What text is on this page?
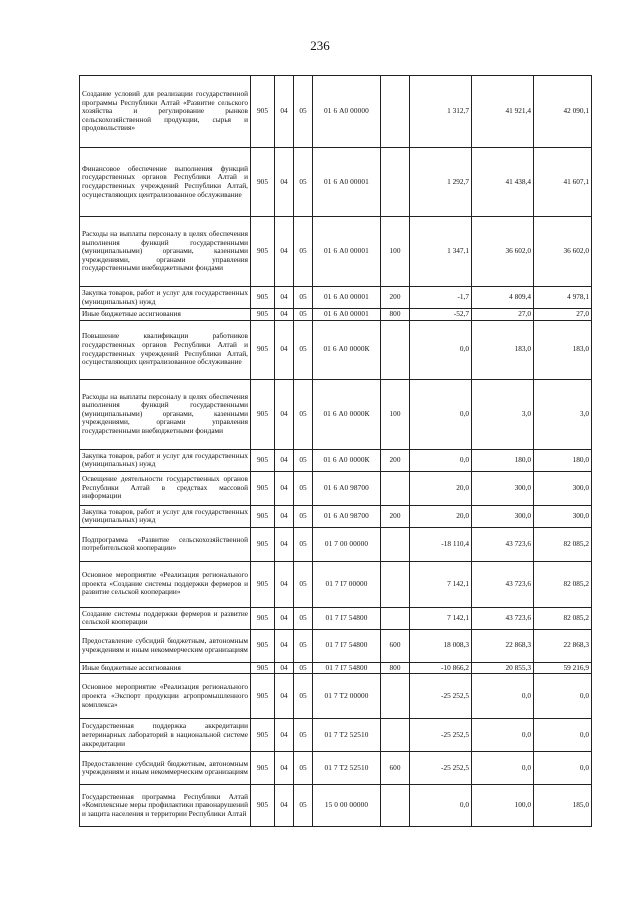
236
Создание условий для реализации государственной программы Республики Алтай «Развитие сельского хозяйства и регулирование рынков сельскохозяйственной продукции, сырья и продовольствия»	905	04	05	01 6 А0 00000		1 312,7	41 921,4	42 090,1
Финансовое обеспечение выполнения функций государственных органов Республики Алтай и государственных учреждений Республики Алтай, осуществляющих централизованное обслуживание	905	04	05	01 6 А0 00001		1 292,7	41 438,4	41 607,1
Расходы на выплаты персоналу в целях обеспечения выполнения функций государственными (муниципальными) органами, казенными учреждениями, органами управления государственными внебюджетными фондами	905	04	05	01 6 А0 00001	100	1 347,1	36 602,0	36 602,0
Закупка товаров, работ и услуг для государственных (муниципальных) нужд	905	04	05	01 6 А0 00001	200	-1,7	4 809,4	4 978,1
Иные бюджетные ассигнования	905	04	05	01 6 А0 00001	800	-52,7	27,0	27,0
Повышение квалификации работников государственных органов Республики Алтай и государственных учреждений Республики Алтай, осуществляющих централизованное обслуживание	905	04	05	01 6 А0 0000К		0,0	183,0	183,0
Расходы на выплаты персоналу в целях обеспечения выполнения функций государственными (муниципальными) органами, казенными учреждениями, органами управления государственными внебюджетными фондами	905	04	05	01 6 А0 0000К	100	0,0	3,0	3,0
Закупка товаров, работ и услуг для государственных (муниципальных) нужд	905	04	05	01 6 А0 0000К	200	0,0	180,0	180,0
Освещение деятельности государственных органов Республики Алтай в средствах массовой информации	905	04	05	01 6 А0 98700		20,0	300,0	300,0
Закупка товаров, работ и услуг для государственных (муниципальных) нужд	905	04	05	01 6 А0 98700	200	20,0	300,0	300,0
Подпрограмма «Развитие сельскохозяйственной потребительской кооперации»	905	04	05	01 7 00 00000		-18 110,4	43 723,6	82 085,2
Основное мероприятие «Реализация регионального проекта «Создание системы поддержки фермеров и развитие сельской кооперации»	905	04	05	01 7 I7 00000		7 142,1	43 723,6	82 085,2
Создание системы поддержки фермеров и развитие сельской кооперации	905	04	05	01 7 I7 54800		7 142,1	43 723,6	82 085,2
Предоставление субсидий бюджетным, автономным учреждениям и иным некоммерческим организациям	905	04	05	01 7 I7 54800	600	18 008,3	22 868,3	22 868,3
Иные бюджетные ассигнования	905	04	05	01 7 I7 54800	800	-10 866,2	20 855,3	59 216,9
Основное мероприятие «Реализация регионального проекта «Экспорт продукции агропромышленного комплекса»	905	04	05	01 7 Т2 00000		-25 252,5	0,0	0,0
Государственная поддержка аккредитации ветеринарных лабораторий в национальной системе аккредитации	905	04	05	01 7 Т2 52510		-25 252,5	0,0	0,0
Предоставление субсидий бюджетным, автономным учреждениям и иным некоммерческим организациям	905	04	05	01 7 Т2 52510	600	-25 252,5	0,0	0,0
Государственная программа Республики Алтай «Комплексные меры профилактики правонарушений и защита населения и территории Республики Алтай	905	04	05	15 0 00 00000		0,0	100,0	185,0
